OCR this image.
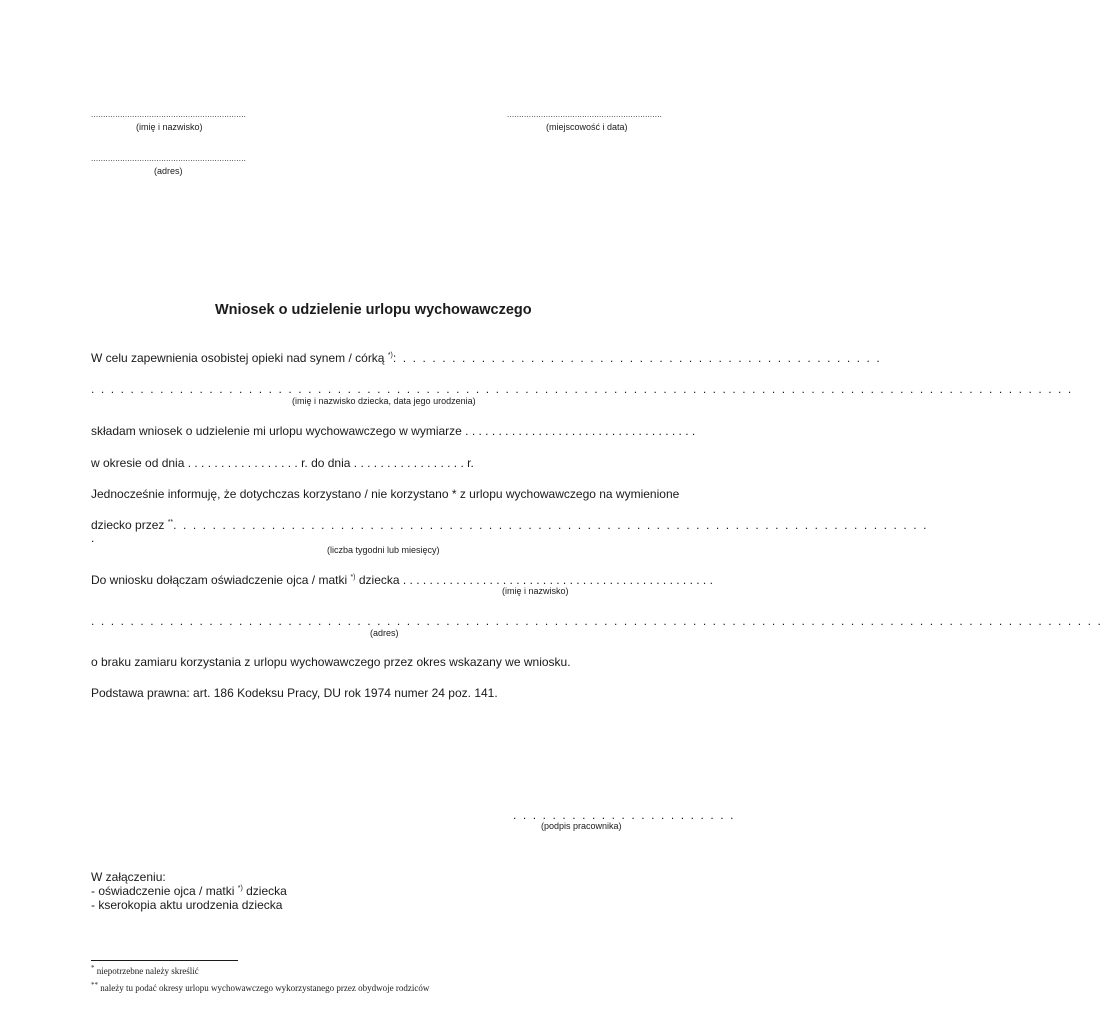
................................................................
(imię i nazwisko)
................................................................
(miejscowość i data)
................................................................
(adres)
Wniosek o udzielenie urlopu wychowawczego
W celu zapewnienia osobistej opieki nad synem / córką *): . . . . . . . . . . . . . . . . . . . . . . . . . . . . . . . . . . . . . . . . . . . . . . . . .
. . . . . . . . . . . . . . . . . . . . . . . . . . . . . . . . . . . . . . . . . . . . . . . . . . . . . . . . . . . . . . . . . . . . . . . . . . . . . . . . . . . . . . . . . . . . . . . . . . . .
(imię i nazwisko dziecka, data jego urodzenia)
składam wniosek o udzielenie mi urlopu wychowawczego w wymiarze . . . . . . . . . . . . . . . . . . . . . . . . . . . . . . . . . . .
w okresie od dnia . . . . . . . . . . . . . . . . . r. do dnia . . . . . . . . . . . . . . . . . r.
Jednocześnie informuję, że dotychczas korzystano / nie korzystano * z urlopu wychowawczego na wymienione
dziecko przez **. . . . . . . . . . . . . . . . . . . . . . . . . . . . . . . . . . . . . . . . . . . . . . . . . . . . . . . . . . . . . . . . . . . . . . . . . . . . .
.
(liczba tygodni lub miesięcy)
Do wniosku dołączam oświadczenie ojca / matki *) dziecka . . . . . . . . . . . . . . . . . . . . . . . . . . . . . . . . . . . . . . . . . . . . . . .
(imię i nazwisko)
. . . . . . . . . . . . . . . . . . . . . . . . . . . . . . . . . . . . . . . . . . . . . . . . . . . . . . . . . . . . . . . . . . . . . . . . . . . . . . . . . . . . . . . . . . . . . . . . . . . . . . .
(adres)
o braku zamiaru korzystania z urlopu wychowawczego przez okres wskazany we wniosku.
Podstawa prawna: art. 186 Kodeksu Pracy, DU rok 1974 numer 24 poz. 141.
. . . . . . . . . . . . . . . . . . . . . . .
(podpis pracownika)
W załączeniu:
- oświadczenie ojca / matki *) dziecka
- kserokopia aktu urodzenia dziecka
* niepotrzebne należy skreślić
** należy tu podać okresy urlopu wychowawczego wykorzystanego przez obydwoje rodziców
